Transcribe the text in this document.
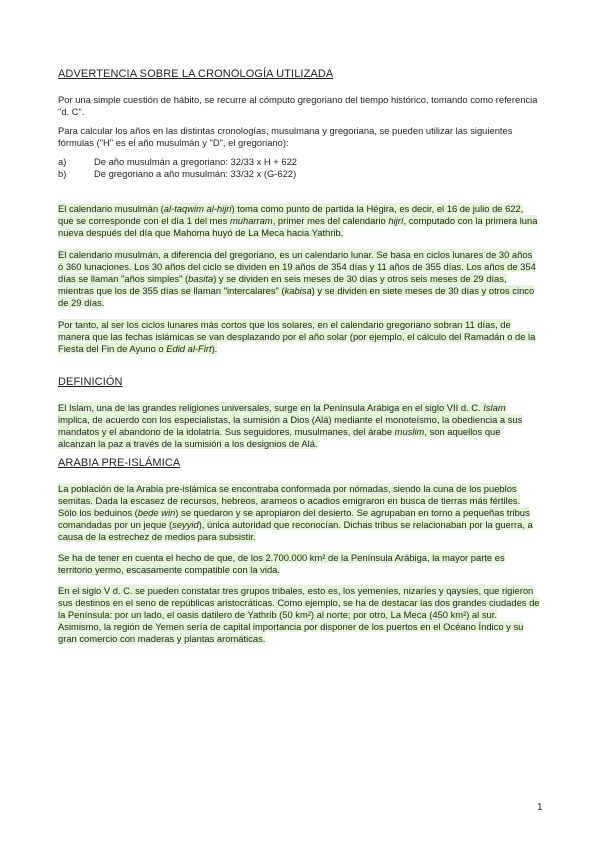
ADVERTENCIA SOBRE LA CRONOLOGÍA UTILIZADA

Por una simple cuestión de hábito, se recurre al cómputo gregoriano del tiempo histórico, tomando como referencia "d. C".

Para calcular los años en las distintas cronologías, musulmana y gregoriana, se pueden utilizar las siguientes fórmulas ("H" es el año musulmán y "D", el gregoriano):

a)	De año musulmán a gregoriano: 32/33 x H + 622
b)	De gregoriano a año musulmán: 33/32 x (G-622)

El calendario musulmán (al-taqwim al-hijri) toma como punto de partida la Hégira, es decir, el 16 de julio de 622, que se corresponde con el día 1 del mes muharram, primer mes del calendario hijrí, computado con la primera luna nueva después del día que Mahoma huyó de La Meca hacia Yathrib.

El calendario musulmán, a diferencia del gregoriano, es un calendario lunar. Se basa en ciclos lunares de 30 años ó 360 lunaciones. Los 30 años del ciclo se dividen en 19 años de 354 días y 11 años de 355 días. Los años de 354 días se llaman "años simples" (basita) y se dividen en seis meses de 30 días y otros seis meses de 29 días, mientras que los de 355 días se llaman "intercalares" (kabisa) y se dividen en siete meses de 30 días y otros cinco de 29 días.

Por tanto, al ser los ciclos lunares más cortos que los solares, en el calendario gregoriano sobran 11 días, de manera que las fechas islámicas se van desplazando por el año solar (por ejemplo, el cálculo del Ramadán o de la Fiesta del Fin de Ayuno o Edid al-Firt).

DEFINICIÓN

El Islam, una de las grandes religiones universales, surge en la Península Arábiga en el siglo VII d. C. Islam implica, de acuerdo con los especialistas, la sumisión a Dios (Alá) mediante el monoteísmo, la obediencia a sus mandatos y el abandono de la idolatría. Sus seguidores, musulmanes, del árabe muslim, son aquellos que alcanzan la paz a través de la sumisión a los designios de Alá.

ARABIA PRE-ISLÁMICA

La población de la Arabia pre-islámica se encontraba conformada por nómadas, siendo la cuna de los pueblos semitas. Dada la escasez de recursos, hebreos, arameos o acadios emigraron en busca de tierras más fértiles. Sólo los beduinos (bede win) se quedaron y se apropiaron del desierto. Se agrupaban en torno a pequeñas tribus comandadas por un jeque (seyyid), única autoridad que reconocían. Dichas tribus se relacionaban por la guerra, a causa de la estrechez de medios para subsistir.

Se ha de tener en cuenta el hecho de que, de los 2.700.000 km² de la Península Arábiga, la mayor parte es territorio yermo, escasamente compatible con la vida.

En el siglo V d. C. se pueden constatar tres grupos tribales, esto es, los yemeníes, nizaríes y qaysíes, que rigieron sus destinos en el seno de repúblicas aristocráticas. Como ejemplo, se ha de destacar las dos grandes ciudades de la Península: por un lado, el oasis datilero de Yathrib (50 km²) al norte; por otro, La Meca (450 km²) al sur. Asimismo, la región de Yemen sería de capital importancia por disponer de los puertos en el Océano Índico y su gran comercio con maderas y plantas aromáticas.

1
